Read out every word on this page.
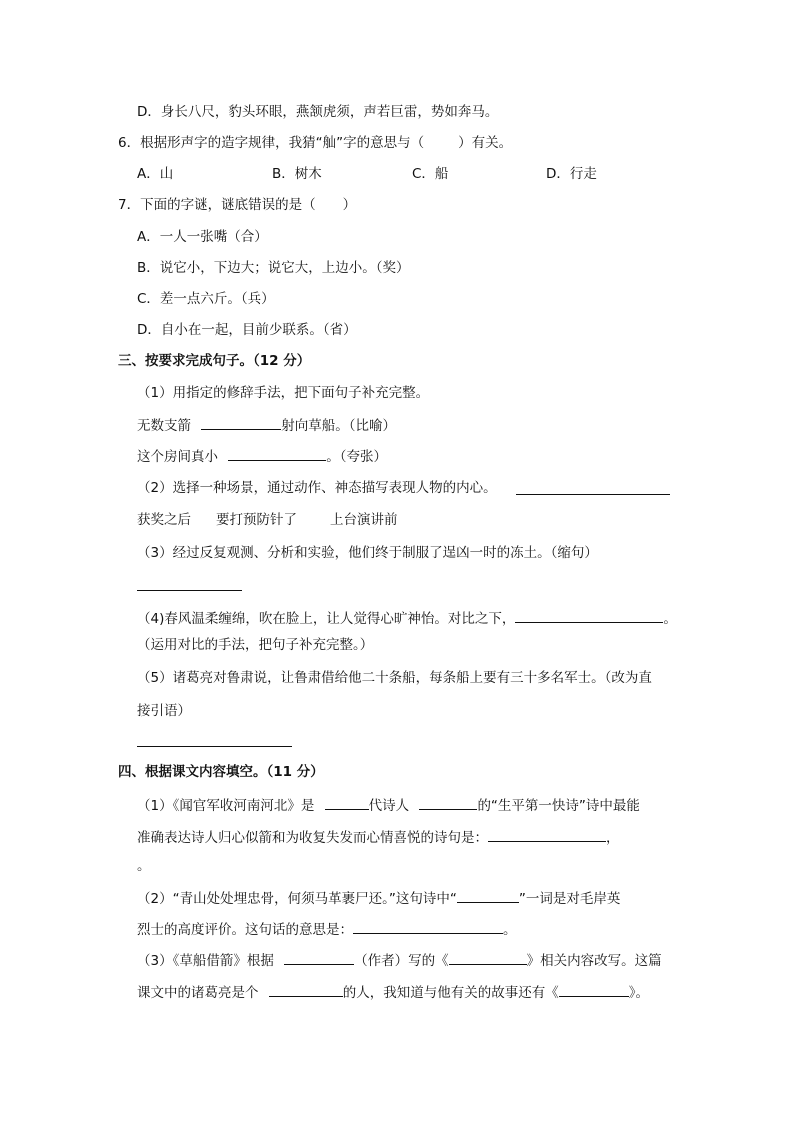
D．身长八尺，豹头环眼，燕颔虎须，声若巨雷，势如奔马。
6．根据形声字的造字规律，我猜“舢”字的意思与（	）有关。
A．山	B．树木	C．船	D．行走
7．下面的字谜，谜底错误的是（　　）
A．一人一张嘴（合）
B．说它小，下边大；说它大，上边小。（奖）
C．差一点六斤。（兵）
D．自小在一起，目前少联系。（省）
三、按要求完成句子。（12 分）
（1）用指定的修辞手法，把下面句子补充完整。
无数支箭	射向草船。（比喻）
这个房间真小	。（夸张）
（2）选择一种场景，通过动作、神态描写表现人物的内心。
获奖之后 要打预防针了 上台演讲前
（3）经过反复观测、分析和实验，他们终于制服了逞凶一时的冻土。（缩句）
（4)春风温柔缠绵，吹在脸上，让人觉得心旷神怡。对比之下，	。
（运用对比的手法，把句子补充完整。）
（5）诸葛亮对鲁肃说，让鲁肃借给他二十条船，每条船上要有三十多名军士。（改为直
接引语）
四、根据课文内容填空。（11 分）
（1）《闻官军收河南河北》是	代诗人	的“生平第一快诗”诗中最能
准确表达诗人归心似箭和为收复失发而心情喜悦的诗句是：	，
。
（2）“青山处处埋忠骨，何须马革裹尸还。”这句诗中“	”一词是对毛岸英
烈士的高度评价。这句话的意思是：	。
（3）《草船借箭》根据	（作者）写的《	》相关内容改写。这篇
课文中的诸葛亮是个	的人，我知道与他有关的故事还有《	》。
